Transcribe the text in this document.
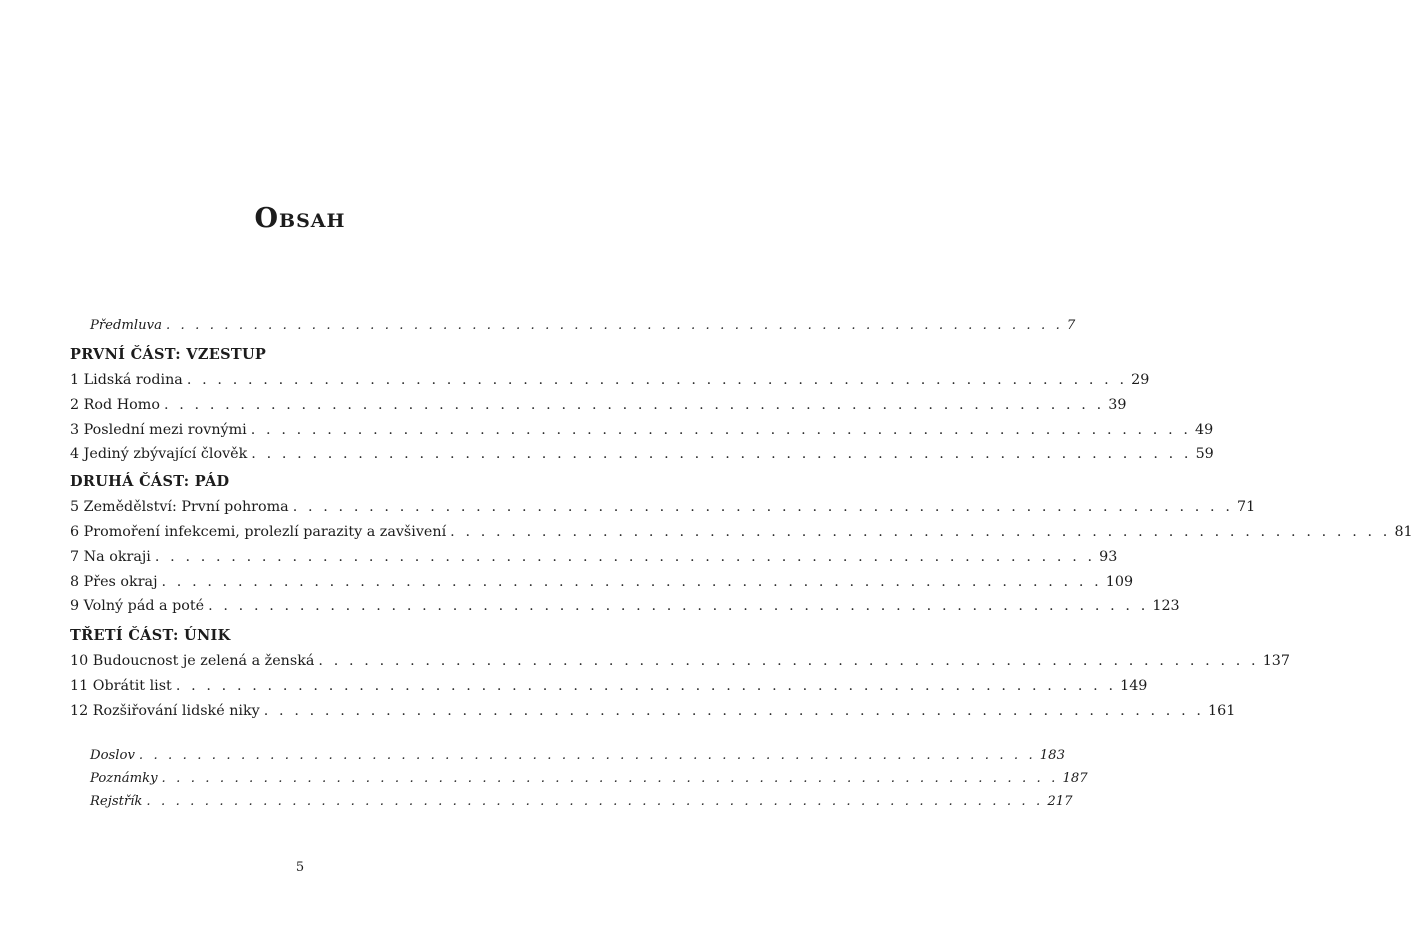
Obsah
Předmluva . . . . . . . . . . . . . . . . . . . . . . . . . . . . . . . . . . . . . . . . . . . . . . . . . . . . . . . . . . . . . . 7
PRVNÍ ČÁST: VZESTUP
1 Lidská rodina . . . . . . . . . . . . . . . . . . . . . . . . . . . . . . . . . . . . . . . . . . . . . . . . . . . . . . . . . . . . . . 29
2 Rod Homo . . . . . . . . . . . . . . . . . . . . . . . . . . . . . . . . . . . . . . . . . . . . . . . . . . . . . . . . . . . . . . 39
3 Poslední mezi rovnými . . . . . . . . . . . . . . . . . . . . . . . . . . . . . . . . . . . . . . . . . . . . . . . . . . . . . . . . . . . . . . 49
4 Jediný zbývající člověk . . . . . . . . . . . . . . . . . . . . . . . . . . . . . . . . . . . . . . . . . . . . . . . . . . . . . . . . . . . . . . 59
DRUHÁ ČÁST: PÁD
5 Zemědělství: První pohroma . . . . . . . . . . . . . . . . . . . . . . . . . . . . . . . . . . . . . . . . . . . . . . . . . . . . . . . . . . . . . . 71
6 Promoření infekcemi, prolezlí parazity a zavšivení . . . . . . . . . . . . . . . . . . . . . . . . . . . . . . . . . . . . . . . . . . . . . . . . . . . . . . . . . . . . . . 81
7 Na okraji . . . . . . . . . . . . . . . . . . . . . . . . . . . . . . . . . . . . . . . . . . . . . . . . . . . . . . . . . . . . . . 93
8 Přes okraj . . . . . . . . . . . . . . . . . . . . . . . . . . . . . . . . . . . . . . . . . . . . . . . . . . . . . . . . . . . . . . 109
9 Volný pád a poté . . . . . . . . . . . . . . . . . . . . . . . . . . . . . . . . . . . . . . . . . . . . . . . . . . . . . . . . . . . . . . 123
TŘETÍ ČÁST: ÚNIK
10 Budoucnost je zelená a ženská . . . . . . . . . . . . . . . . . . . . . . . . . . . . . . . . . . . . . . . . . . . . . . . . . . . . . . . . . . . . . . 137
11 Obrátit list . . . . . . . . . . . . . . . . . . . . . . . . . . . . . . . . . . . . . . . . . . . . . . . . . . . . . . . . . . . . . . 149
12 Rozšiřování lidské niky . . . . . . . . . . . . . . . . . . . . . . . . . . . . . . . . . . . . . . . . . . . . . . . . . . . . . . . . . . . . . . 161
Doslov . . . . . . . . . . . . . . . . . . . . . . . . . . . . . . . . . . . . . . . . . . . . . . . . . . . . . . . . . . . . . . 183
Poznámky . . . . . . . . . . . . . . . . . . . . . . . . . . . . . . . . . . . . . . . . . . . . . . . . . . . . . . . . . . . . . . 187
Rejstřík . . . . . . . . . . . . . . . . . . . . . . . . . . . . . . . . . . . . . . . . . . . . . . . . . . . . . . . . . . . . . . 217
5
